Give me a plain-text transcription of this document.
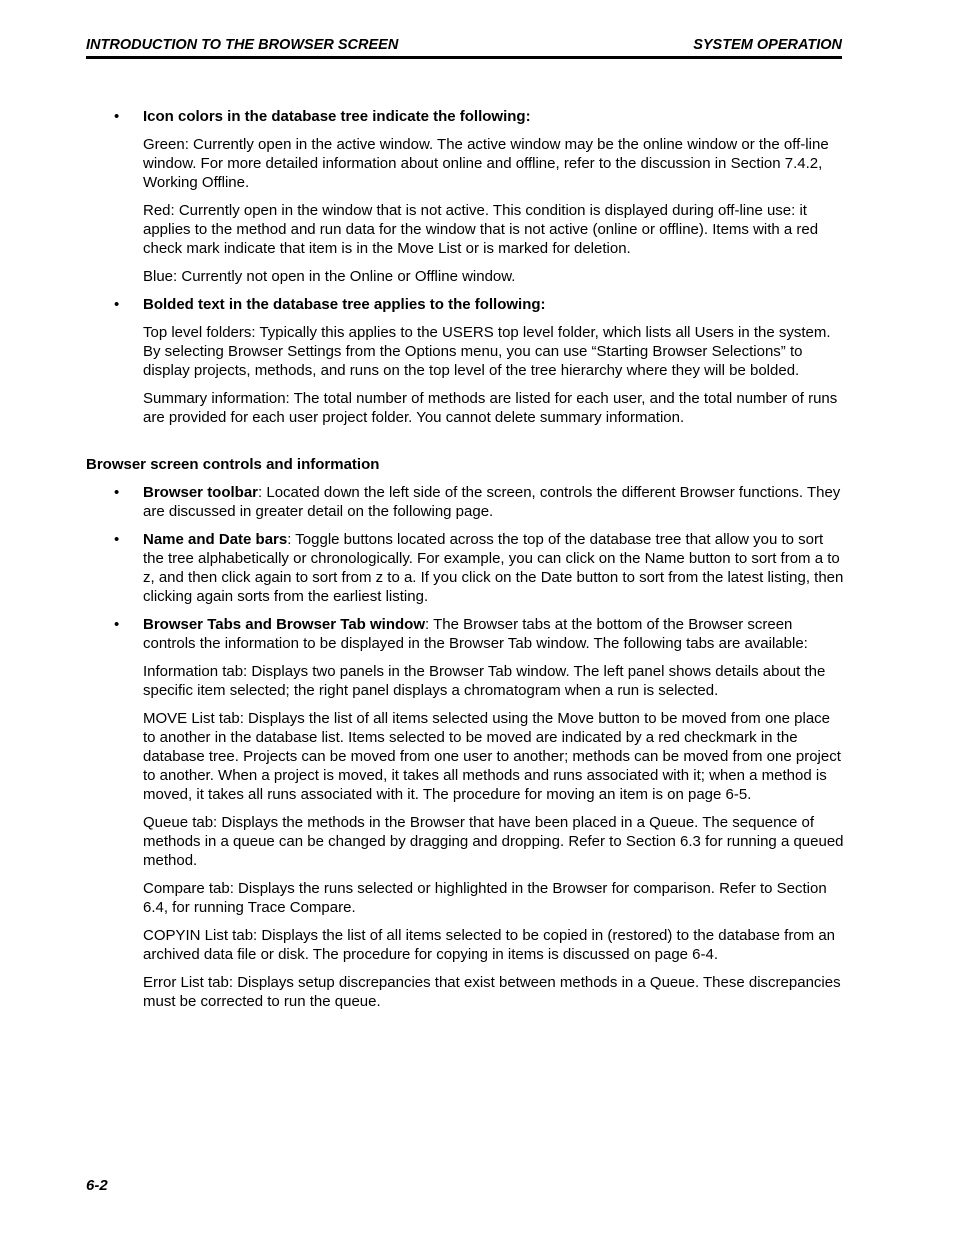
INTRODUCTION TO THE BROWSER SCREEN	SYSTEM OPERATION
• Icon colors in the database tree indicate the following:

Green: Currently open in the active window. The active window may be the online window or the off-line window. For more detailed information about online and offline, refer to the discussion in Section 7.4.2, Working Offline.

Red: Currently open in the window that is not active. This condition is displayed during off-line use: it applies to the method and run data for the window that is not active (online or offline). Items with a red check mark indicate that item is in the Move List or is marked for deletion.

Blue: Currently not open in the Online or Offline window.

• Bolded text in the database tree applies to the following:

Top level folders: Typically this applies to the USERS top level folder, which lists all Users in the system. By selecting Browser Settings from the Options menu, you can use “Starting Browser Selections” to display projects, methods, and runs on the top level of the tree hierarchy where they will be bolded.

Summary information: The total number of methods are listed for each user, and the total number of runs are provided for each user project folder. You cannot delete summary information.

Browser screen controls and information
• Browser toolbar: Located down the left side of the screen, controls the different Browser functions. They are discussed in greater detail on the following page.
• Name and Date bars: Toggle buttons located across the top of the database tree that allow you to sort the tree alphabetically or chronologically. For example, you can click on the Name button to sort from a to z, and then click again to sort from z to a. If you click on the Date button to sort from the latest listing, then clicking again sorts from the earliest listing.
• Browser Tabs and Browser Tab window: The Browser tabs at the bottom of the Browser screen controls the information to be displayed in the Browser Tab window. The following tabs are available:

Information tab: Displays two panels in the Browser Tab window. The left panel shows details about the specific item selected; the right panel displays a chromatogram when a run is selected.

MOVE List tab: Displays the list of all items selected using the Move button to be moved from one place to another in the database list. Items selected to be moved are indicated by a red checkmark in the database tree. Projects can be moved from one user to another; methods can be moved from one project to another. When a project is moved, it takes all methods and runs associated with it; when a method is moved, it takes all runs associated with it. The procedure for moving an item is on page 6-5.

Queue tab: Displays the methods in the Browser that have been placed in a Queue. The sequence of methods in a queue can be changed by dragging and dropping. Refer to Section 6.3 for running a queued method.

Compare tab: Displays the runs selected or highlighted in the Browser for comparison. Refer to Section 6.4, for running Trace Compare.

COPYIN List tab: Displays the list of all items selected to be copied in (restored) to the database from an archived data file or disk. The procedure for copying in items is discussed on page 6-4.

Error List tab: Displays setup discrepancies that exist between methods in a Queue. These discrepancies must be corrected to run the queue.

6-2
